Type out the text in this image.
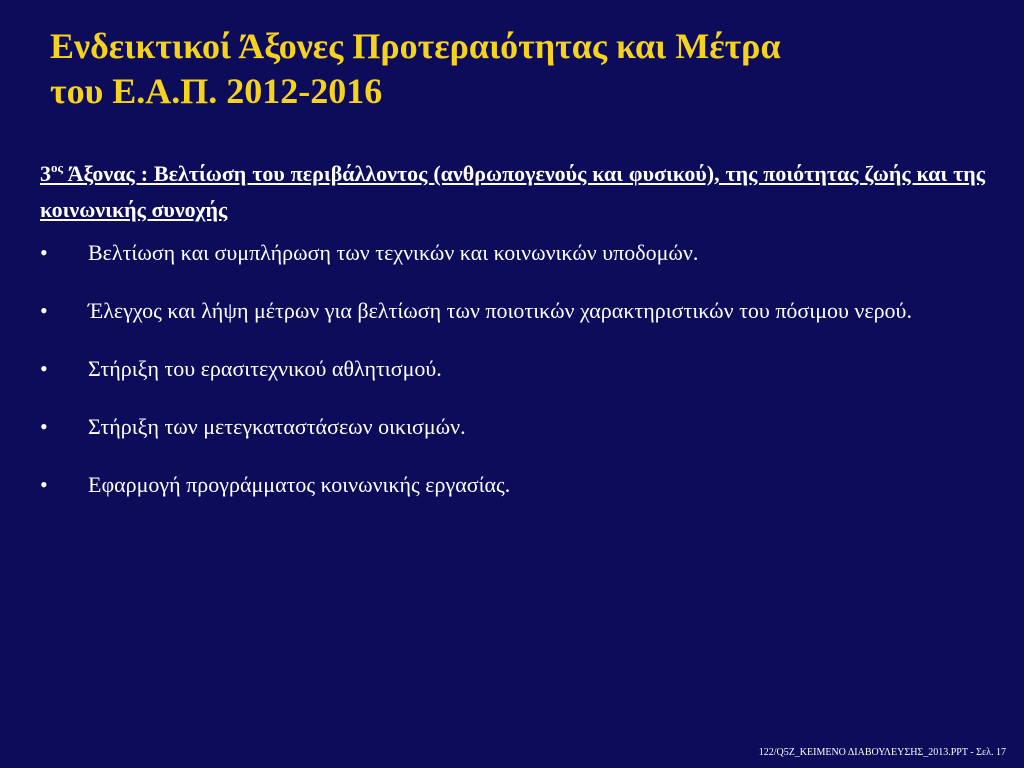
Ενδεικτικοί Άξονες Προτεραιότητας και Μέτρα
του Ε.Α.Π. 2012-2016

$3^{o\varsigma}$ Άξονας : Βελτίωση του περιβάλλοντος (ανθρωπογενούς και φυσικού), της ποιότητας ζωής και της κοινωνικής συνοχής

• Βελτίωση και συμπλήρωση των τεχνικών και κοινωνικών υποδομών.
• Έλεγχος και λήψη μέτρων για βελτίωση των ποιοτικών χαρακτηριστικών του πόσιμου νερού.
• Στήριξη του ερασιτεχνικού αθλητισμού.
• Στήριξη των μετεγκαταστάσεων οικισμών.
• Εφαρμογή προγράμματος κοινωνικής εργασίας.
122/Q5Z_ΚΕΙΜΕΝΟ ΔΙΑΒΟΥΛΕΥΣΗΣ_2013.PPT - Σελ. 17
